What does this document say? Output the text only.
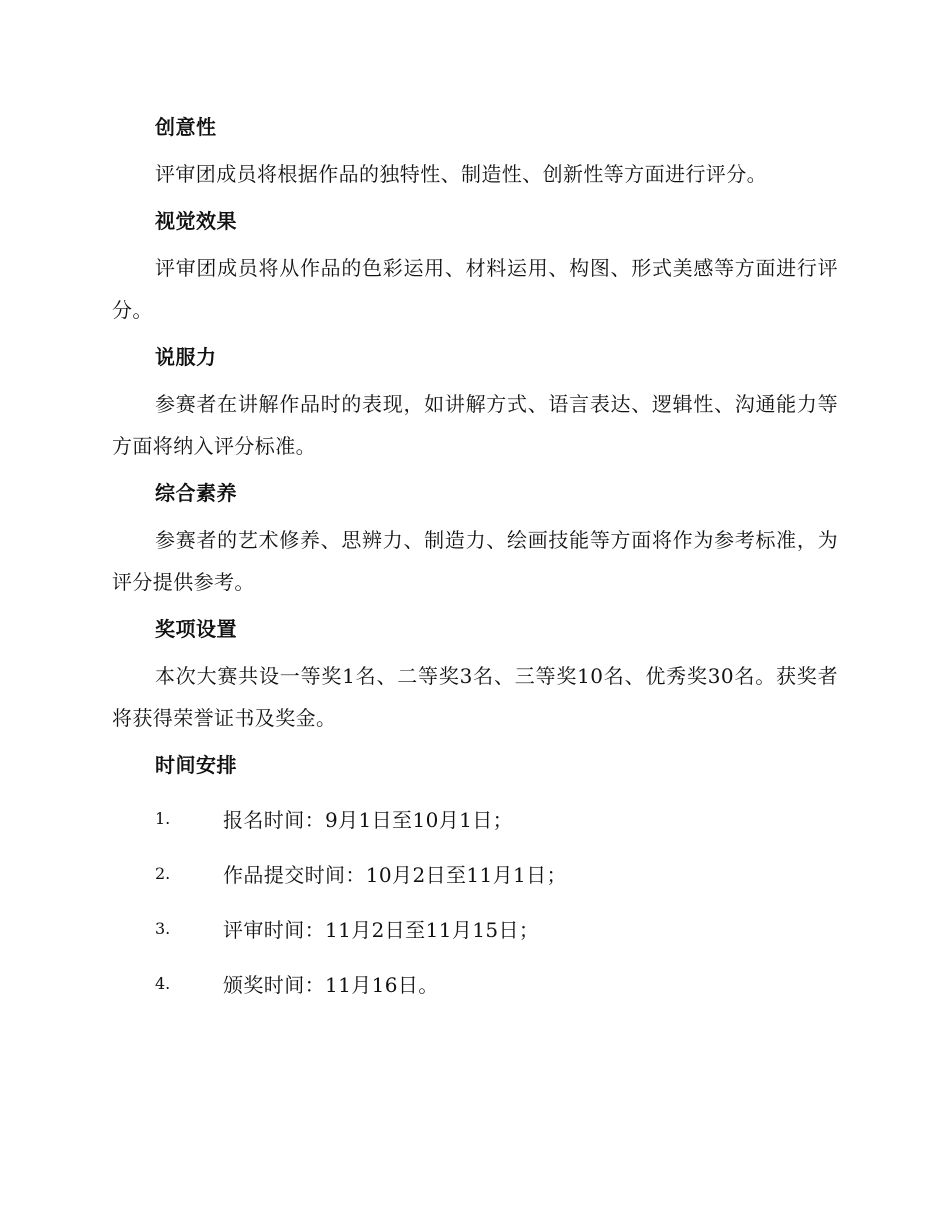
创意性

评审团成员将根据作品的独特性、制造性、创新性等方面进行评分。

视觉效果

评审团成员将从作品的色彩运用、材料运用、构图、形式美感等方面进行评分。

说服力

参赛者在讲解作品时的表现，如讲解方式、语言表达、逻辑性、沟通能力等方面将纳入评分标准。

综合素养

参赛者的艺术修养、思辨力、制造力、绘画技能等方面将作为参考标准，为评分提供参考。

奖项设置

本次大赛共设一等奖1名、二等奖3名、三等奖10名、优秀奖30名。获奖者将获得荣誉证书及奖金。

时间安排
1.	报名时间：9月1日至10月1日；
2.	作品提交时间：10月2日至11月1日；
3.	评审时间：11月2日至11月15日；
4.	颁奖时间：11月16日。
